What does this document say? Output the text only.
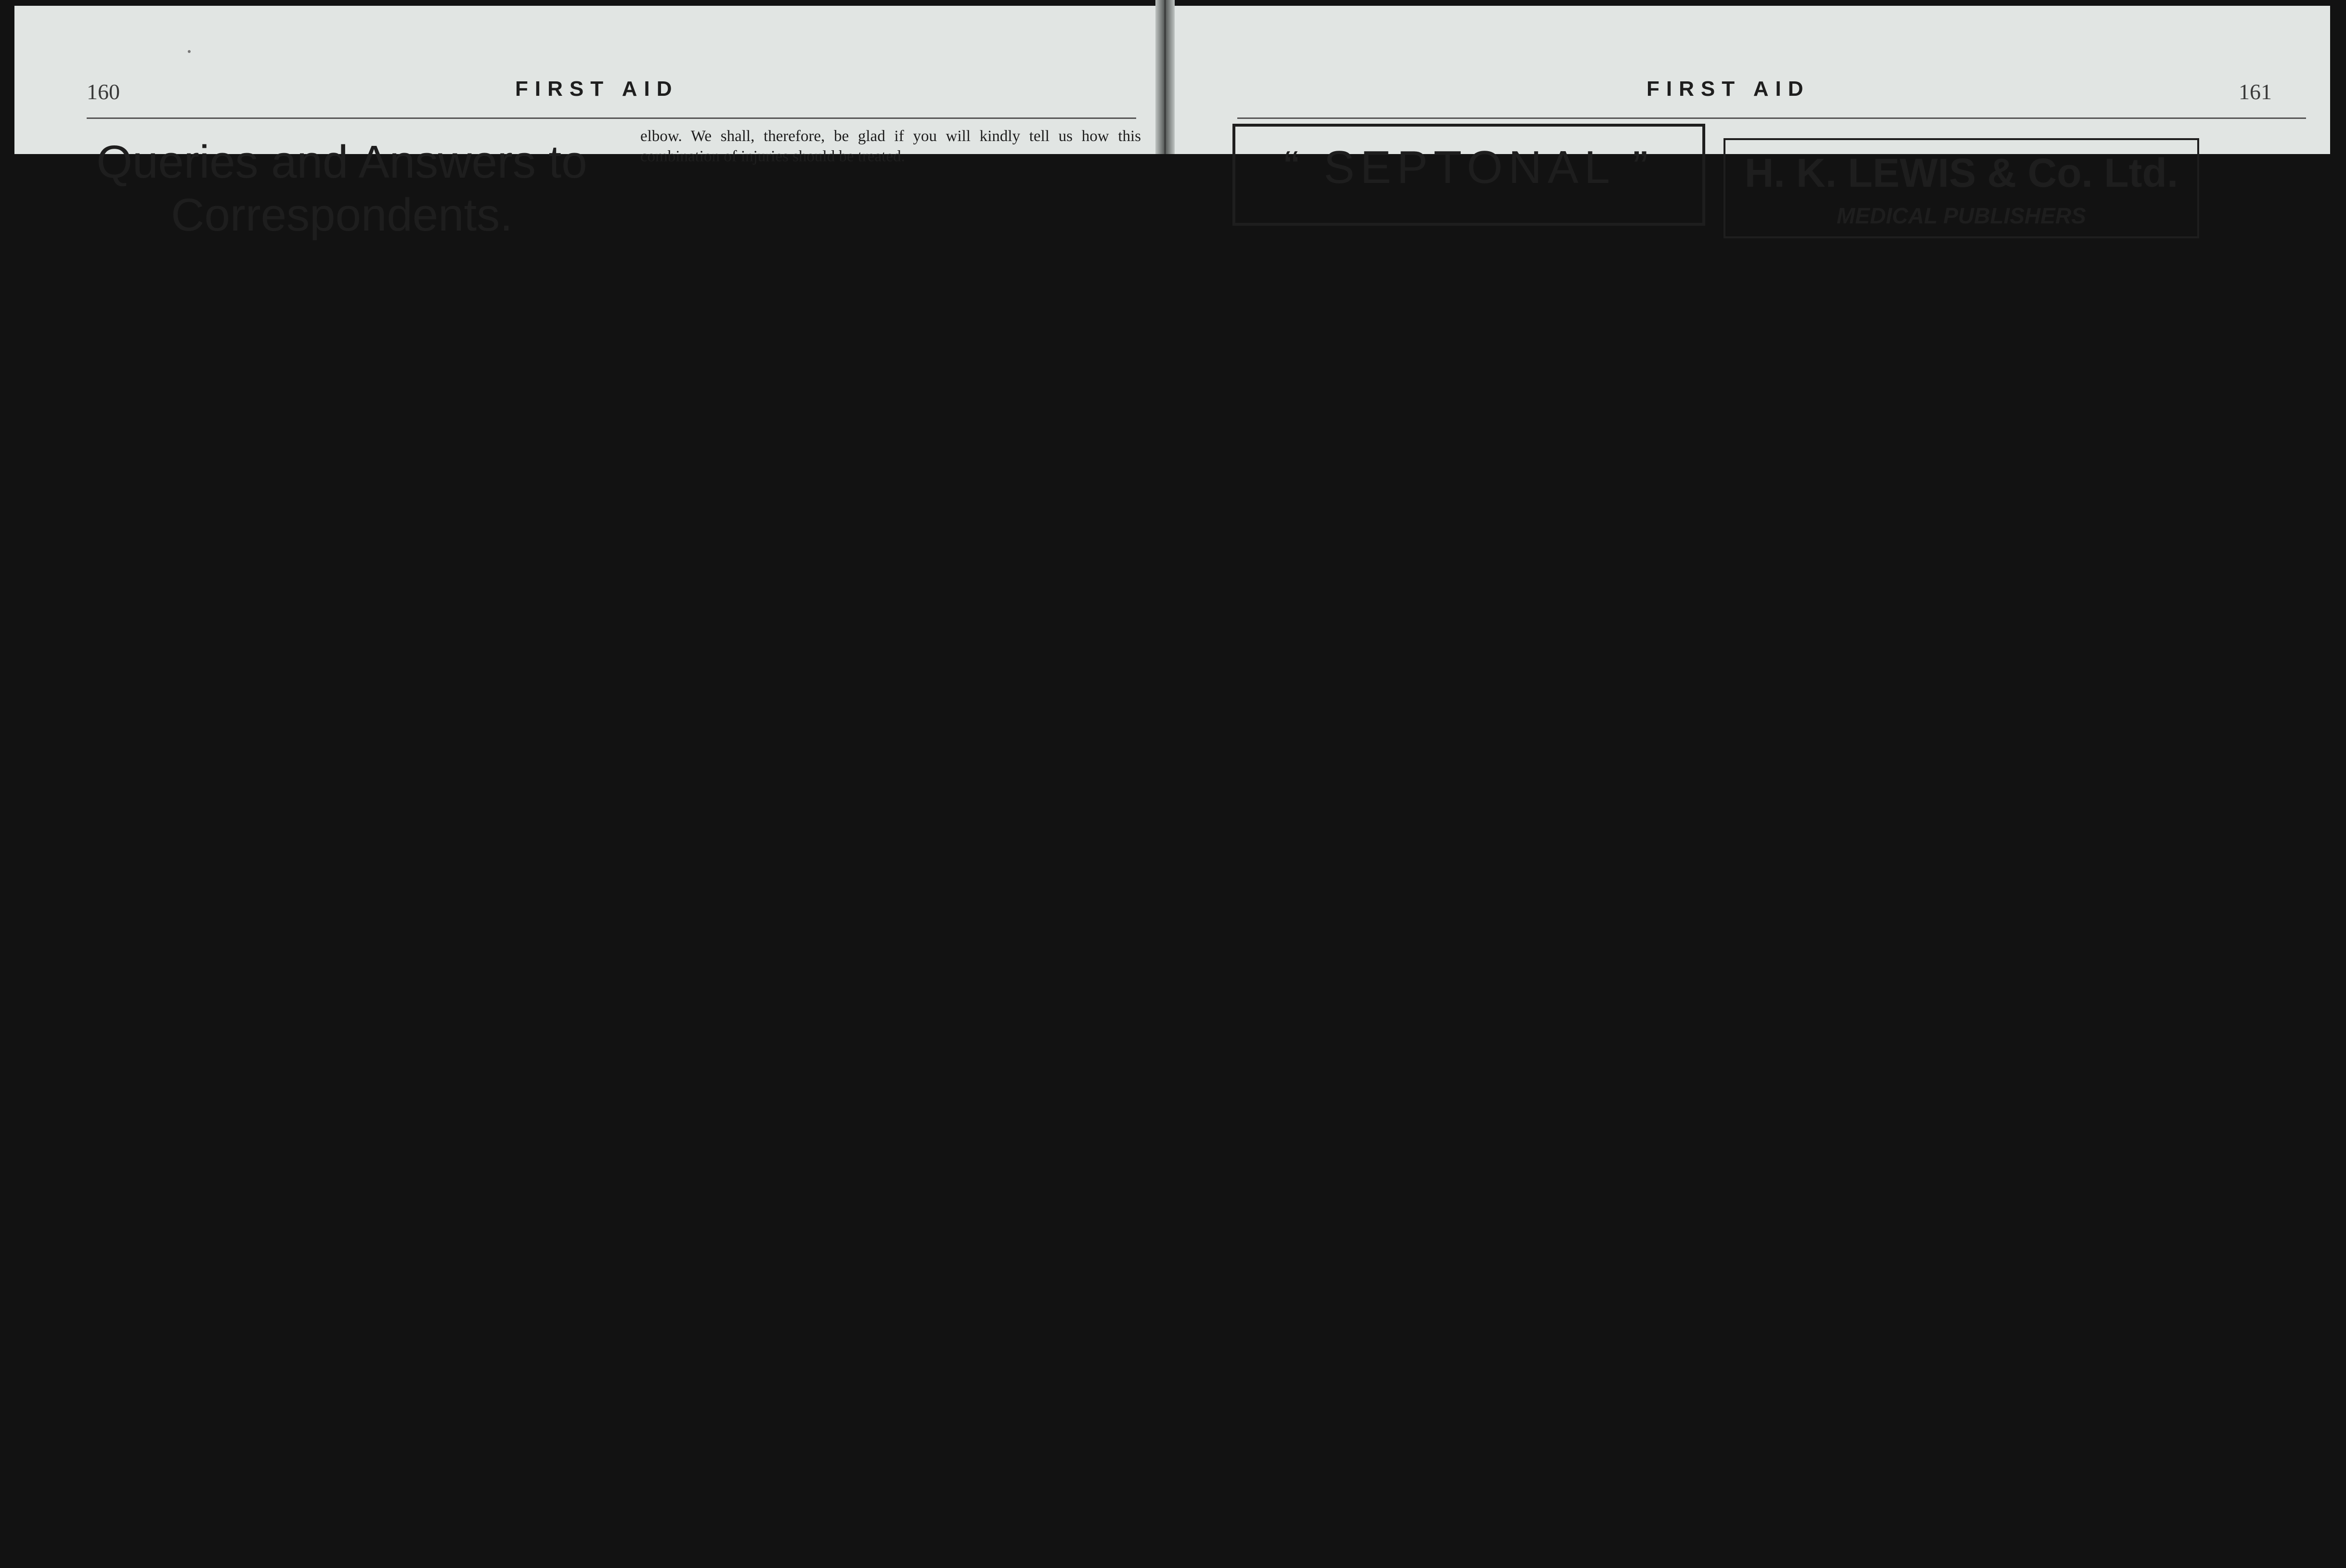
160	FIRST AID
Queries and Answers to Correspondents.
elbow. We shall, therefore, be glad if you will kindly tell us how this combination of injuries should be treated.
FIRST AID	161
“ SEPTONAL ”	H. K. LEWIS & Co. Ltd.
MEDICAL PUBLISHERS
